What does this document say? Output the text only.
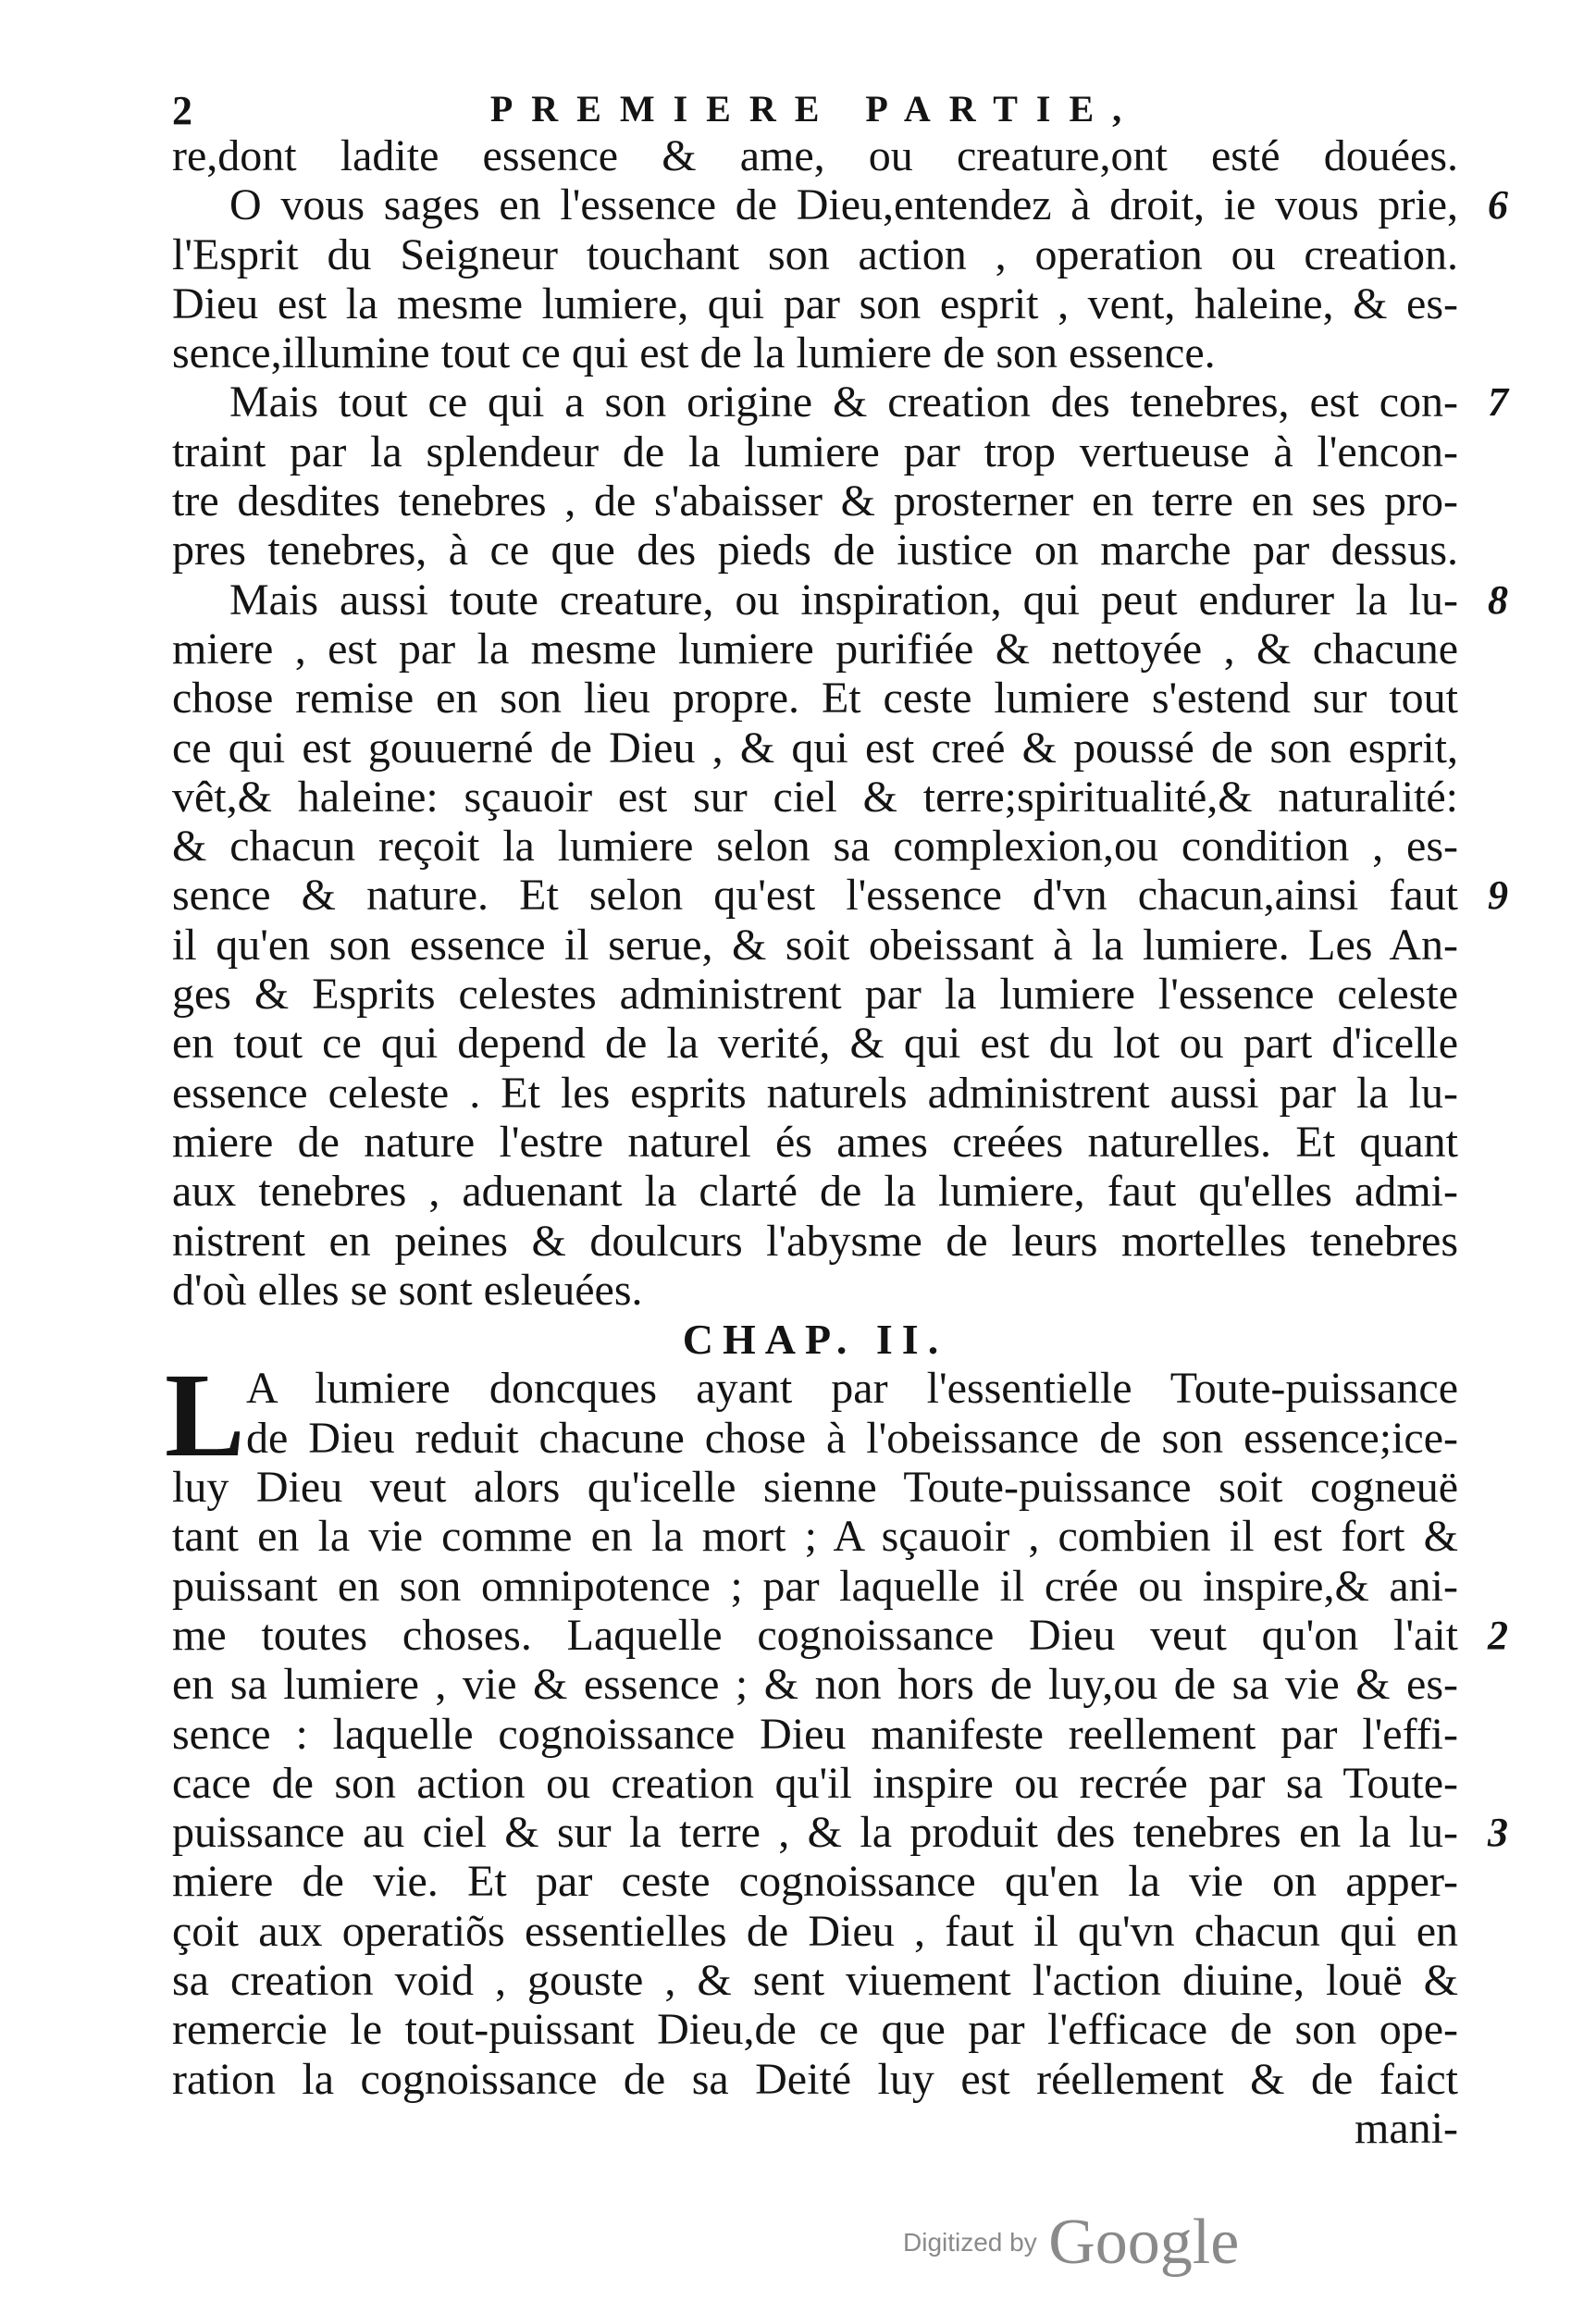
2	PREMIERE PARTIE,
re,dont ladite essence & ame, ou creature,ont esté douées.
O vous sages en l'essence de Dieu,entendez à droit, ie vous prie, 6
l'Esprit du Seigneur touchant son action , operation ou creation.
Dieu est la mesme lumiere, qui par son esprit , vent, haleine, & es-
sence,illumine tout ce qui est de la lumiere de son essence.
Mais tout ce qui a son origine & creation des tenebres, est con- 7
traint par la splendeur de la lumiere par trop vertueuse à l'encon-
tre desdites tenebres , de s'abaisser & prosterner en terre en ses pro-
pres tenebres, à ce que des pieds de iustice on marche par dessus.
Mais aussi toute creature, ou inspiration, qui peut endurer la lu- 8
miere , est par la mesme lumiere purifiée & nettoyée , & chacune
chose remise en son lieu propre. Et ceste lumiere s'estend sur tout
ce qui est gouuerné de Dieu , & qui est creé & poussé de son esprit,
vêt,& haleine: sçauoir est sur ciel & terre;spiritualité,& naturalité:
& chacun reçoit la lumiere selon sa complexion,ou condition , es-
sence & nature. Et selon qu'est l'essence d'vn chacun,ainsi faut 9
il qu'en son essence il serue, & soit obeissant à la lumiere. Les An-
ges & Esprits celestes administrent par la lumiere l'essence celeste
en tout ce qui depend de la verité, & qui est du lot ou part d'icelle
essence celeste . Et les esprits naturels administrent aussi par la lu-
miere de nature l'estre naturel és ames creées naturelles. Et quant
aux tenebres , aduenant la clarté de la lumiere, faut qu'elles admi-
nistrent en peines & doulcurs l'abysme de leurs mortelles tenebres
d'où elles se sont esleuées.
CHAP. II.
L A lumiere doncques ayant par l'essentielle Toute-puissance
de Dieu reduit chacune chose à l'obeissance de son essence;ice-
luy Dieu veut alors qu'icelle sienne Toute-puissance soit cogneuë
tant en la vie comme en la mort ; A sçauoir , combien il est fort &
puissant en son omnipotence ; par laquelle il crée ou inspire,& ani-
me toutes choses. Laquelle cognoissance Dieu veut qu'on l'ait 2
en sa lumiere , vie & essence ; & non hors de luy,ou de sa vie & es-
sence : laquelle cognoissance Dieu manifeste reellement par l'effi-
cace de son action ou creation qu'il inspire ou recrée par sa Toute-
puissance au ciel & sur la terre , & la produit des tenebres en la lu- 3
miere de vie. Et par ceste cognoissance qu'en la vie on apper-
çoit aux operatiõs essentielles de Dieu , faut il qu'vn chacun qui en
sa creation void , gouste , & sent viuement l'action diuine, louë &
remercie le tout-puissant Dieu,de ce que par l'efficace de son ope-
ration la cognoissance de sa Deité luy est réellement & de faict
mani-
Digitized by Google
